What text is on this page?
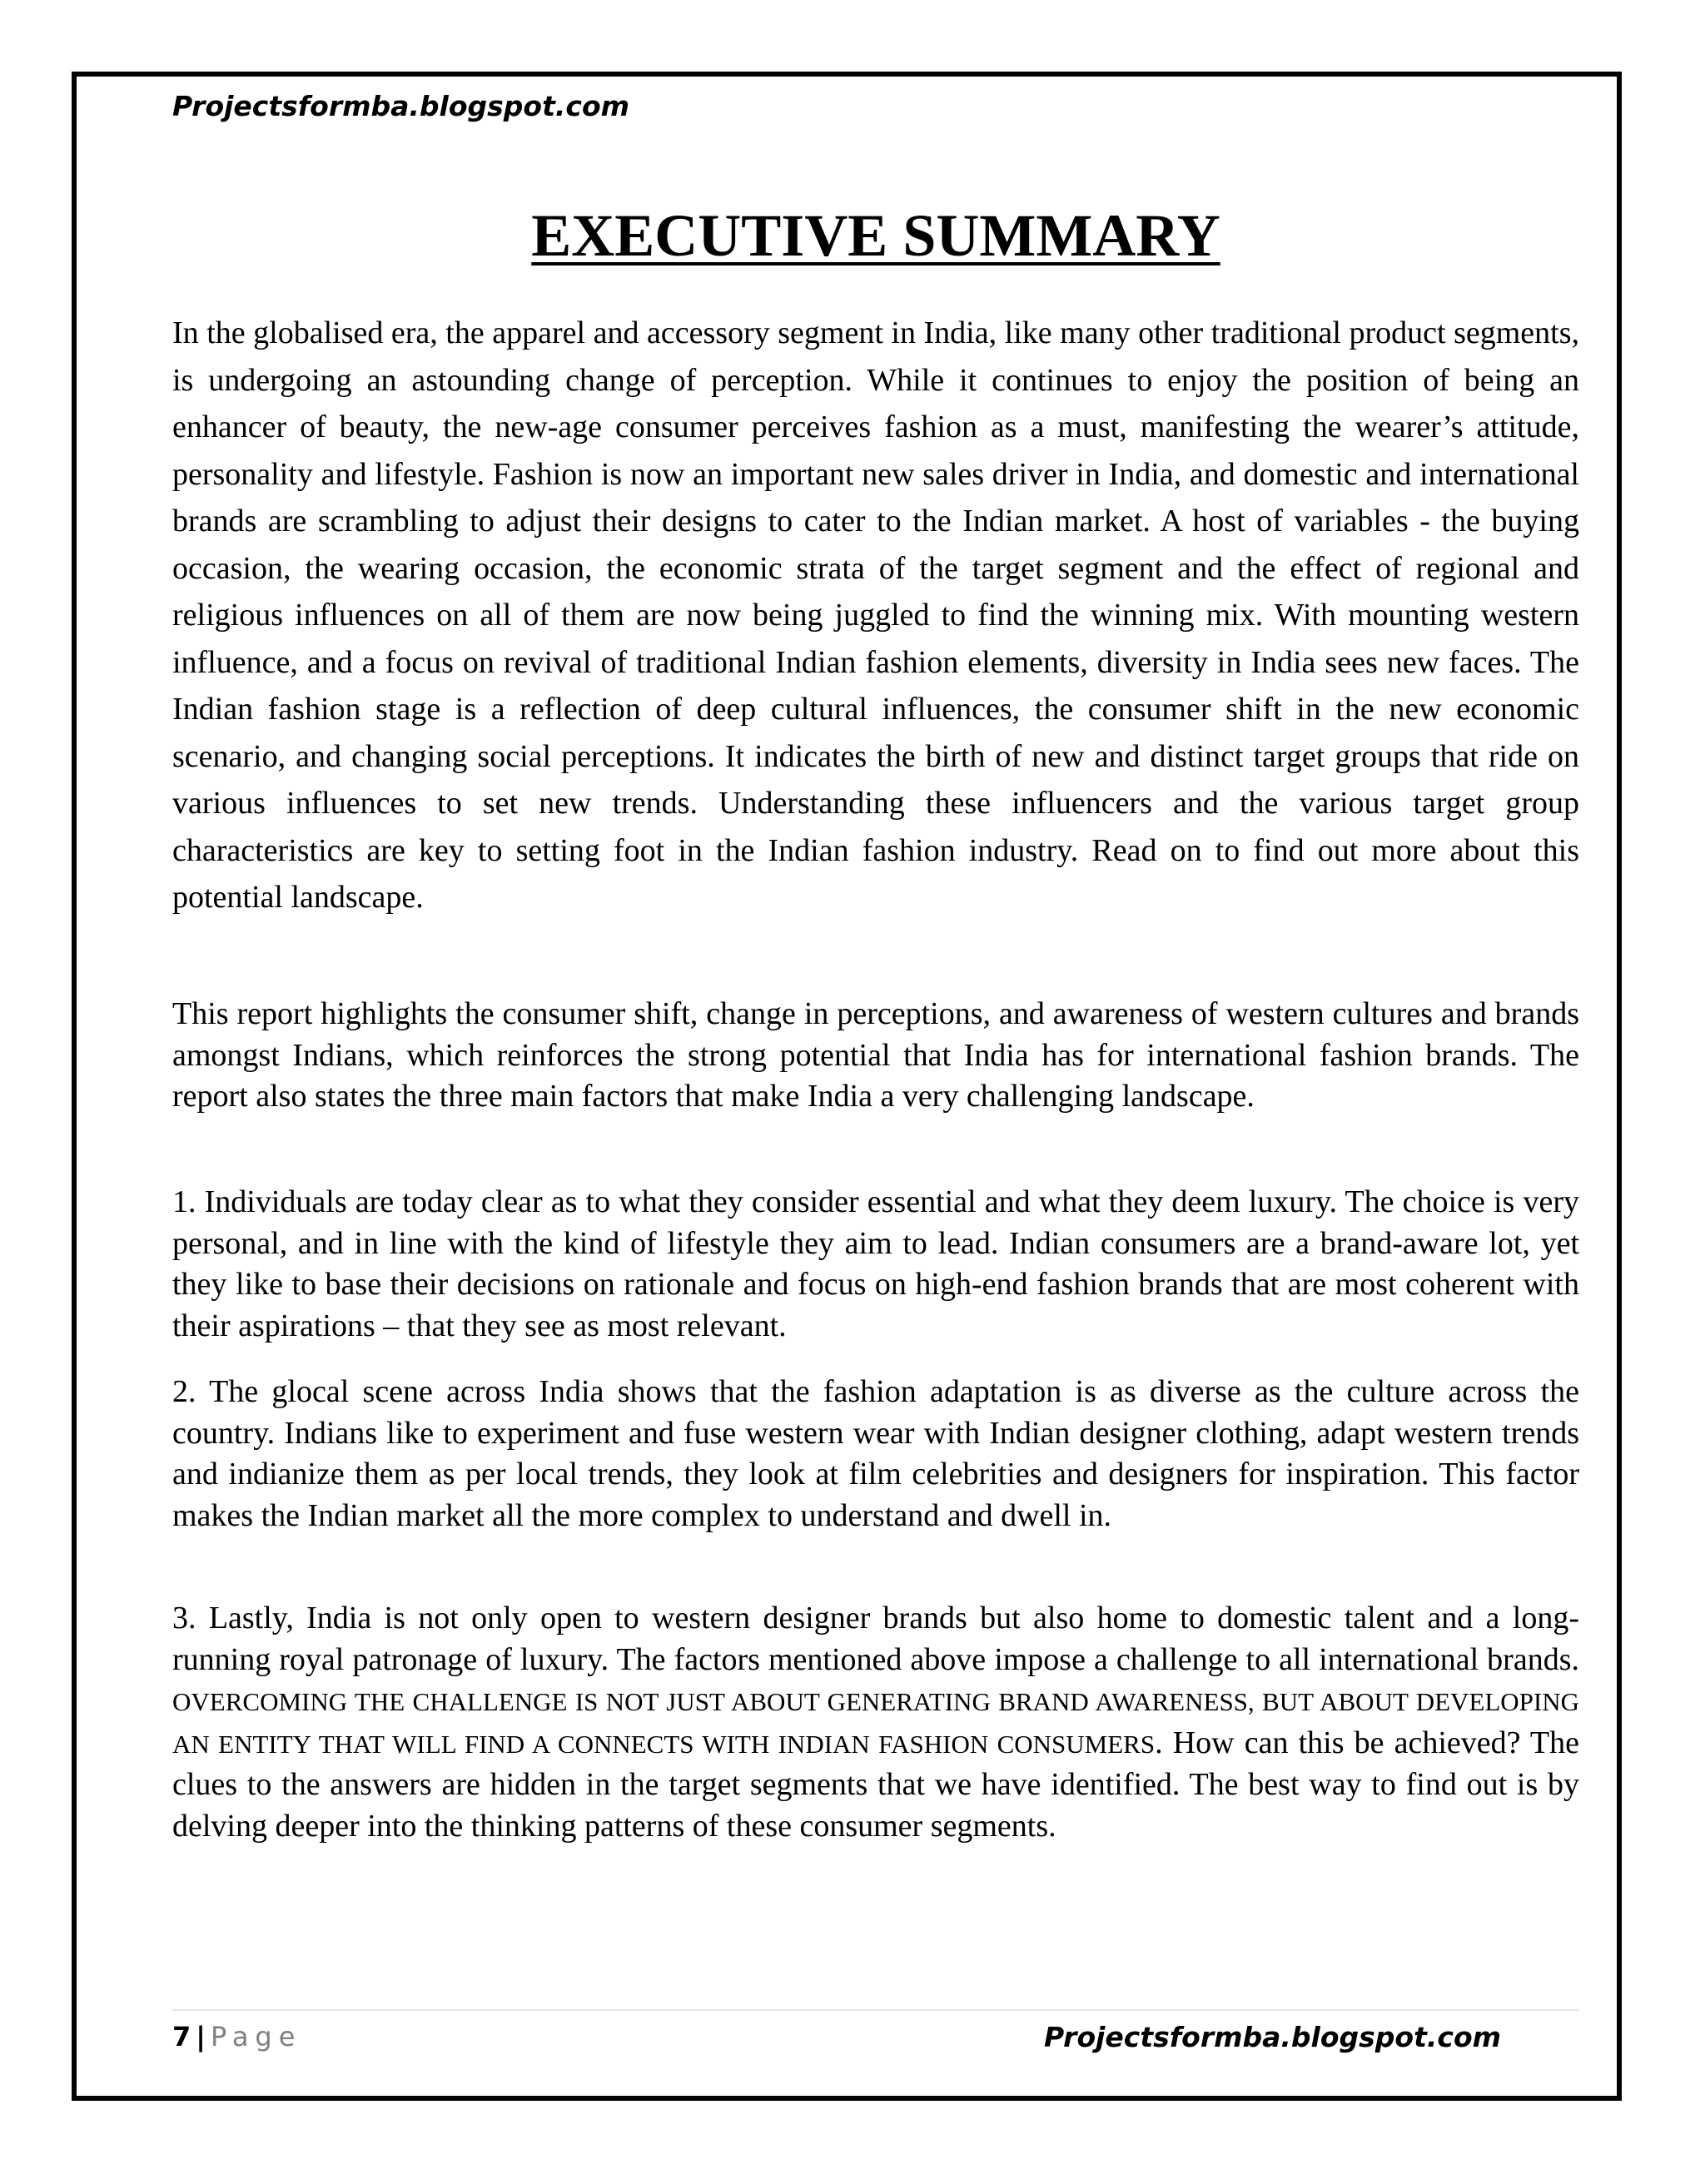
Projectsformba.blogspot.com
EXECUTIVE SUMMARY

In the globalised era, the apparel and accessory segment in India, like many other traditional product segments, is undergoing an astounding change of perception. While it continues to enjoy the position of being an enhancer of beauty, the new-age consumer perceives fashion as a must, manifesting the wearer’s attitude, personality and lifestyle. Fashion is now an important new sales driver in India, and domestic and international brands are scrambling to adjust their designs to cater to the Indian market. A host of variables - the buying occasion, the wearing occasion, the economic strata of the target segment and the effect of regional and religious influences on all of them are now being juggled to find the winning mix. With mounting western influence, and a focus on revival of traditional Indian fashion elements, diversity in India sees new faces. The Indian fashion stage is a reflection of deep cultural influences, the consumer shift in the new economic scenario, and changing social perceptions. It indicates the birth of new and distinct target groups that ride on various influences to set new trends. Understanding these influencers and the various target group characteristics are key to setting foot in the Indian fashion industry. Read on to find out more about this potential landscape.

This report highlights the consumer shift, change in perceptions, and awareness of western cultures and brands amongst Indians, which reinforces the strong potential that India has for international fashion brands. The report also states the three main factors that make India a very challenging landscape.

1. Individuals are today clear as to what they consider essential and what they deem luxury. The choice is very personal, and in line with the kind of lifestyle they aim to lead. Indian consumers are a brand-aware lot, yet they like to base their decisions on rationale and focus on high-end fashion brands that are most coherent with their aspirations – that they see as most relevant.

2. The glocal scene across India shows that the fashion adaptation is as diverse as the culture across the country. Indians like to experiment and fuse western wear with Indian designer clothing, adapt western trends and indianize them as per local trends, they look at film celebrities and designers for inspiration. This factor makes the Indian market all the more complex to understand and dwell in.

3. Lastly, India is not only open to western designer brands but also home to domestic talent and a long-running royal patronage of luxury. The factors mentioned above impose a challenge to all international brands. OVERCOMING THE CHALLENGE IS NOT JUST ABOUT GENERATING BRAND AWARENESS, BUT ABOUT DEVELOPING AN ENTITY THAT WILL FIND A CONNECTS WITH INDIAN FASHION CONSUMERS. How can this be achieved? The clues to the answers are hidden in the target segments that we have identified. The best way to find out is by delving deeper into the thinking patterns of these consumer segments.

7 | Page	Projectsformba.blogspot.com
